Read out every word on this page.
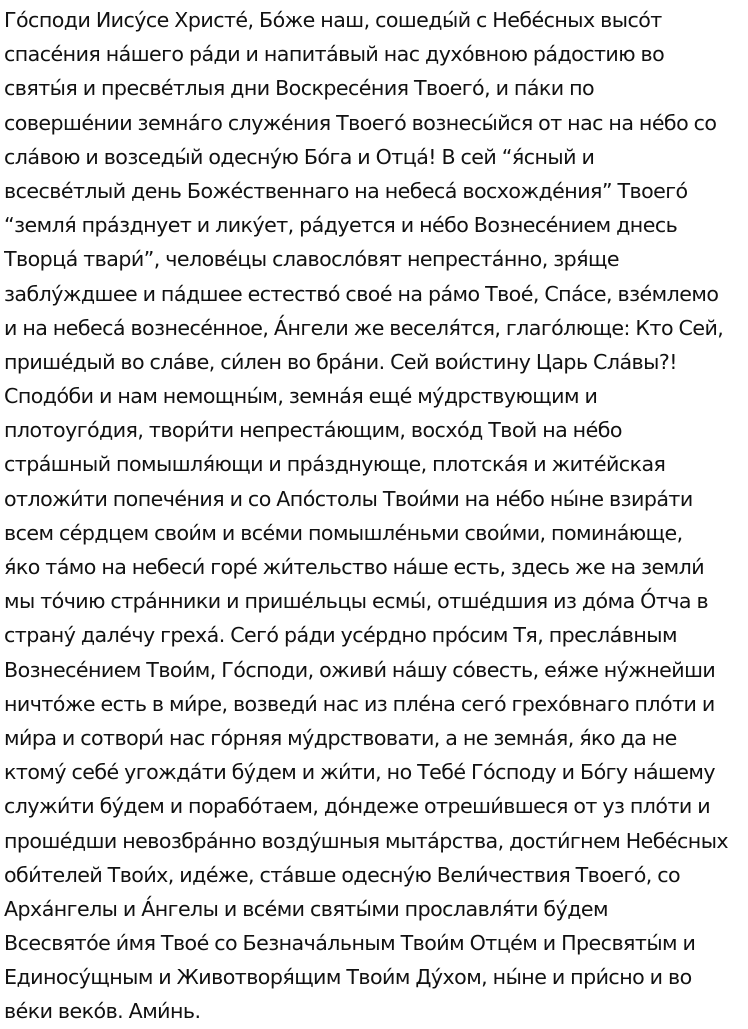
Го́споди Иису́се Христе́, Бо́же наш, сошеды́й с Небе́сных высо́т
спасе́ния на́шего ра́ди и напита́вый нас духо́вною ра́достию во
святы́я и пресве́тлыя дни Воскресе́ния Твоего́, и па́ки по
соверше́нии земна́го служе́ния Твоего́ вознесы́йся от нас на не́бо со
сла́вою и возседы́й одесну́ю Бо́га и Отца́! В сей “я́сный и
всесве́тлый день Боже́ственнаго на небеса́ восхожде́ния” Твоего́
“земля́ пра́зднует и лику́ет, ра́дуется и не́бо Вознесе́нием днесь
Творца́ твари́”, челове́цы славосло́вят непреста́нно, зря́ще
заблу́ждшее и па́дшее естество́ свое́ на ра́мо Твое́, Спа́се, взе́млемо
и на небеса́ вознесе́нное, А́нгели же веселя́тся, глаго́люще: Кто Сей,
прише́дый во сла́ве, си́лен во бра́ни. Сей вои́стину Царь Сла́вы?!
Сподо́би и нам немощны́м, земна́я еще́ му́дрствующим и
плотоуго́дия, твори́ти непреста́ющим, восхо́д Твой на не́бо
стра́шный помышля́ющи и пра́зднующе, плотска́я и жите́йская
отложи́ти попече́ния и со Апо́столы Твои́ми на не́бо ны́не взира́ти
всем се́рдцем свои́м и все́ми помышле́ньми свои́ми, помина́юще,
я́ко та́мо на небеси́ горе́ жи́тельство на́ше есть, здесь же на земли́
мы то́чию стра́нники и прише́льцы есмы́, отше́дшия из до́ма О́тча в
страну́ дале́чу греха́. Сего́ ра́ди усе́рдно про́сим Тя, пресла́вным
Вознесе́нием Твои́м, Го́споди, оживи́ на́шу со́весть, ея́же ну́жнейши
ничто́же есть в ми́ре, возведи́ нас из пле́на сего́ грехо́внаго пло́ти и
ми́ра и сотвори́ нас го́рняя му́дрствовати, а не земна́я, я́ко да не
ктому́ себе́ угожда́ти бу́дем и жи́ти, но Тебе́ Го́споду и Бо́гу на́шему
служи́ти бу́дем и порабо́таем, до́ндеже отреши́вшеся от уз пло́ти и
проше́дши невозбра́нно возду́шныя мыта́рства, дости́гнем Небе́сных
оби́телей Твои́х, иде́же, ста́вше одесну́ю Вели́чествия Твоего́, со
Арха́нгелы и А́нгелы и все́ми святы́ми прославля́ти бу́дем
Всесвято́е и́мя Твое́ со Безнача́льным Твои́м Отце́м и Пресвяты́м и
Единосу́щным и Животворя́щим Твои́м Ду́хом, ны́не и при́сно и во
ве́ки веко́в. Ами́нь.
